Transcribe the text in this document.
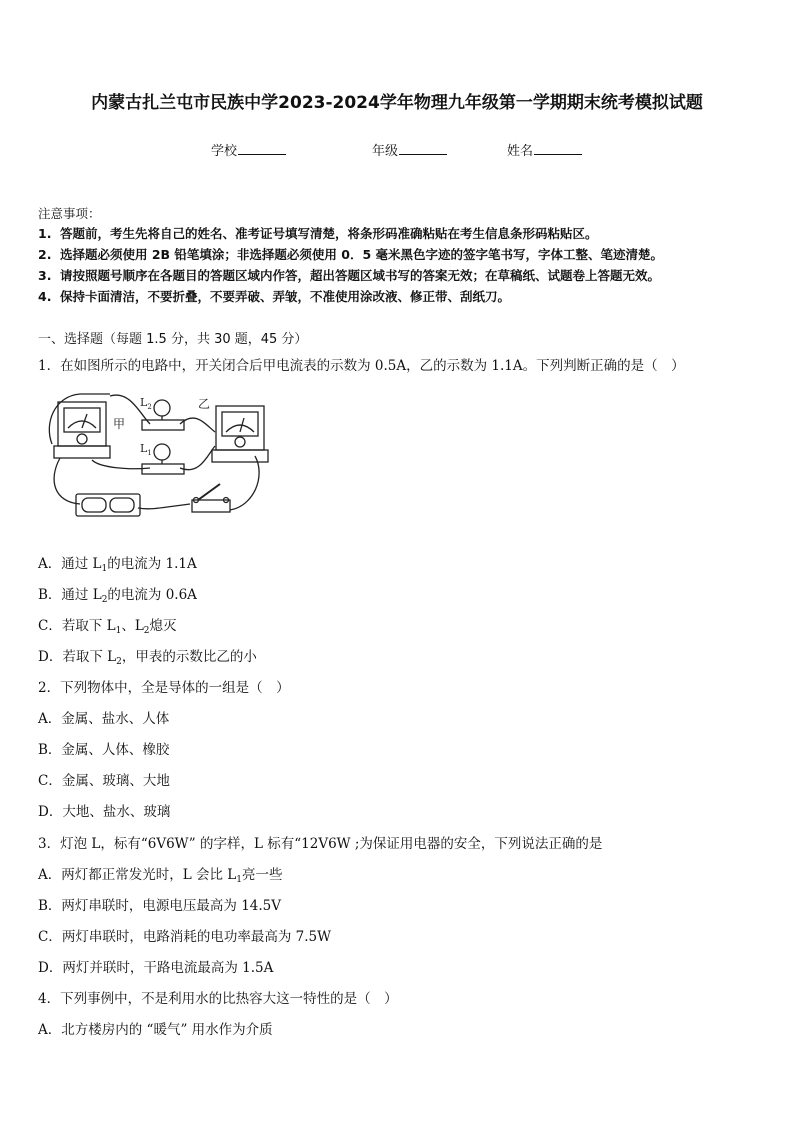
内蒙古扎兰屯市民族中学2023-2024学年物理九年级第一学期期末统考模拟试题
学校	年级	姓名
注意事项：
1. 答题前，考生先将自己的姓名、准考证号填写清楚，将条形码准确粘贴在考生信息条形码粘贴区。
2. 选择题必须使用 2B 铅笔填涂；非选择题必须使用 0．5 毫米黑色字迹的签字笔书写，字体工整、笔迹清楚。
3. 请按照题号顺序在各题目的答题区域内作答，超出答题区域书写的答案无效；在草稿纸、试题卷上答题无效。
4. 保持卡面清洁，不要折叠，不要弄破、弄皱，不准使用涂改液、修正带、刮纸刀。
一、选择题（每题 1.5 分，共 30 题，45 分）
1．在如图所示的电路中，开关闭合后甲电流表的示数为 0.5A，乙的示数为 1.1A。下列判断正确的是（　）
$L_2$
$L_1$
甲
乙
A．通过 $L_1$的电流为 1.1A
B．通过 $L_2$的电流为 0.6A
C．若取下 $L_1$、$L_2$熄灭
D．若取下 $L_2$，甲表的示数比乙的小
2．下列物体中，全是导体的一组是（　）
A．金属、盐水、人体
B．金属、人体、橡胶
C．金属、玻璃、大地
D．大地、盐水、玻璃
3．灯泡 L，标有“6V6W” 的字样，L 标有“12V6W ;为保证用电器的安全，下列说法正确的是
A．两灯都正常发光时，L 会比 $L_1$亮一些
B．两灯串联时，电源电压最高为 14.5V
C．两灯串联时，电路消耗的电功率最高为 7.5W
D．两灯并联时，干路电流最高为 1.5A
4．下列事例中，不是利用水的比热容大这一特性的是（　）
A．北方楼房内的 “暖气” 用水作为介质
